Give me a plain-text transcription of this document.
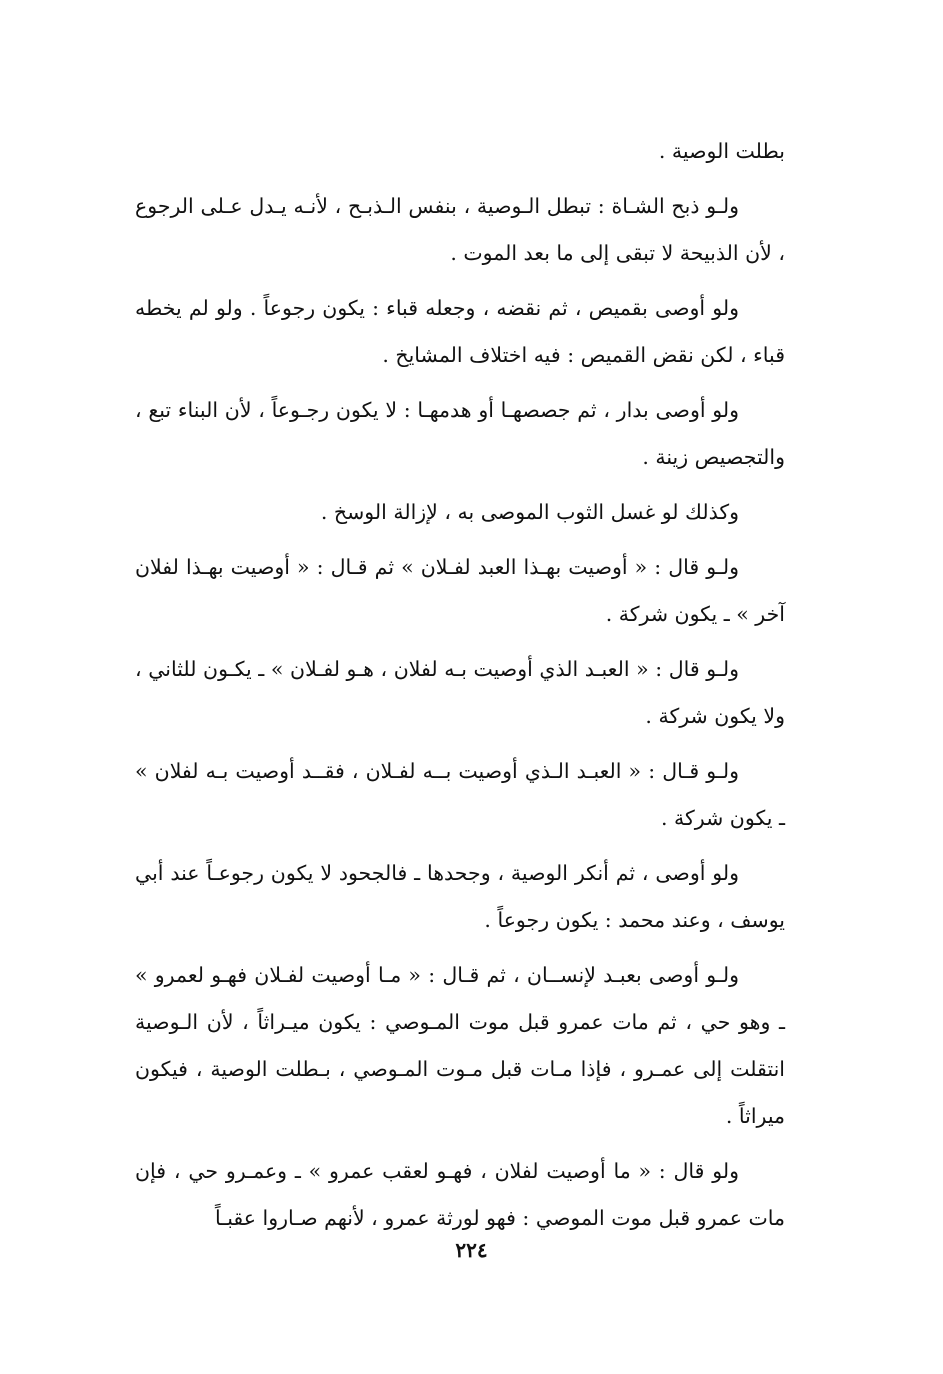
بطلت الوصية .

ولـو ذبح الشـاة : تبطل الـوصية ، بنفس الـذبـح ، لأنـه يـدل عـلى الرجوع ، لأن الذبيحة لا تبقى إلى ما بعد الموت .

ولو أوصى بقميص ، ثم نقضه ، وجعله قباء : يكون رجوعاً . ولو لم يخطه قباء ، لكن نقض القميص : فيه اختلاف المشايخ .

ولو أوصى بدار ، ثم جصصهـا أو هدمهـا : لا يكون رجـوعاً ، لأن البناء تبع ، والتجصيص زينة .

وكذلك لو غسل الثوب الموصى به ، لإزالة الوسخ .

ولـو قال : « أوصيت بهـذا العبد لفـلان » ثم قـال : « أوصيت بهـذا لفلان آخر » ـ يكون شركة .

ولـو قال : « العبـد الذي أوصيت بـه لفلان ، هـو لفـلان » ـ يكـون للثاني ، ولا يكون شركة .

ولـو قـال : « العبـد الـذي أوصيت بــه لفـلان ، فقــد أوصيت بـه لفلان » ـ يكون شركة .

ولو أوصى ، ثم أنكر الوصية ، وجحدها ـ فالجحود لا يكون رجوعـاً عند أبي يوسف ، وعند محمد : يكون رجوعاً .

ولـو أوصى بعبـد لإنســان ، ثم قـال : « مـا أوصيت لفـلان فهـو لعمرو » ـ وهو حي ، ثم مات عمرو قبل موت المـوصي : يكون ميـراثاً ، لأن الـوصية انتقلت إلى عمـرو ، فإذا مـات قبل مـوت المـوصي ، بـطلت الوصية ، فيكون ميراثاً .

ولو قال : « ما أوصيت لفلان ، فهـو لعقب عمرو » ـ وعمـرو حي ، فإن مات عمرو قبل موت الموصي : فهو لورثة عمرو ، لأنهم صـاروا عقبـاً

٢٢٤
